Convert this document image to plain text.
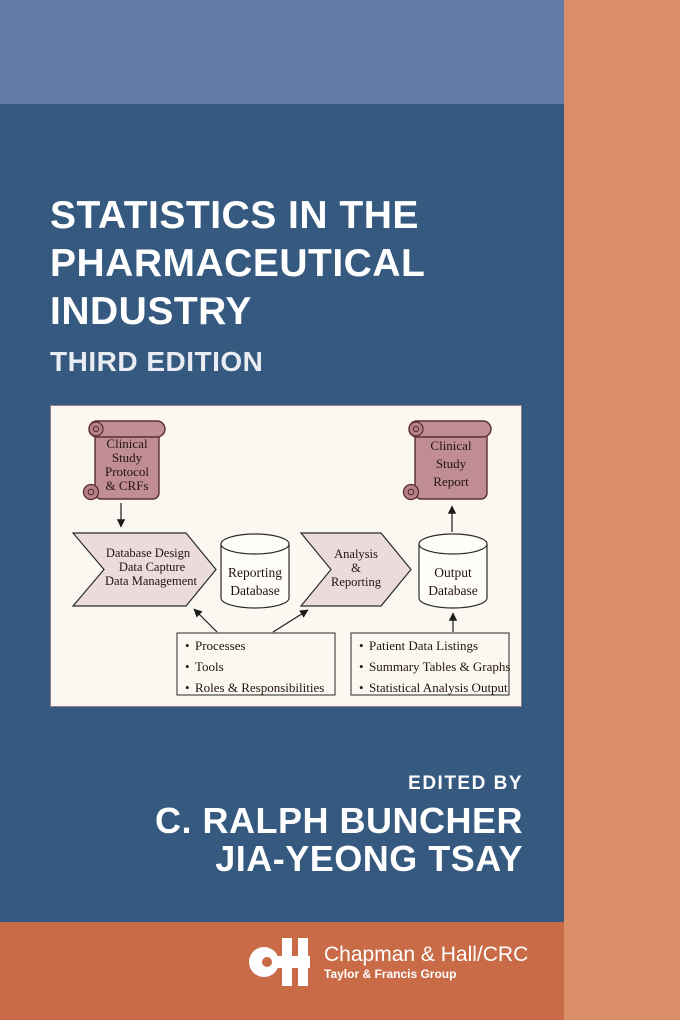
STATISTICS IN THE
PHARMACEUTICAL
INDUSTRY
THIRD EDITION
Clinical
Study
Protocol
& CRFs
Clinical
Study
Report
Database Design
Data Capture
Data Management
Reporting
Database
Analysis
&
Reporting
Output
Database
• Processes
• Tools
• Roles & Responsibilities
• Patient Data Listings
• Summary Tables & Graphs
• Statistical Analysis Output
EDITED BY
C. RALPH BUNCHER
JIA-YEONG TSAY
Chapman & Hall/CRC
Taylor & Francis Group
